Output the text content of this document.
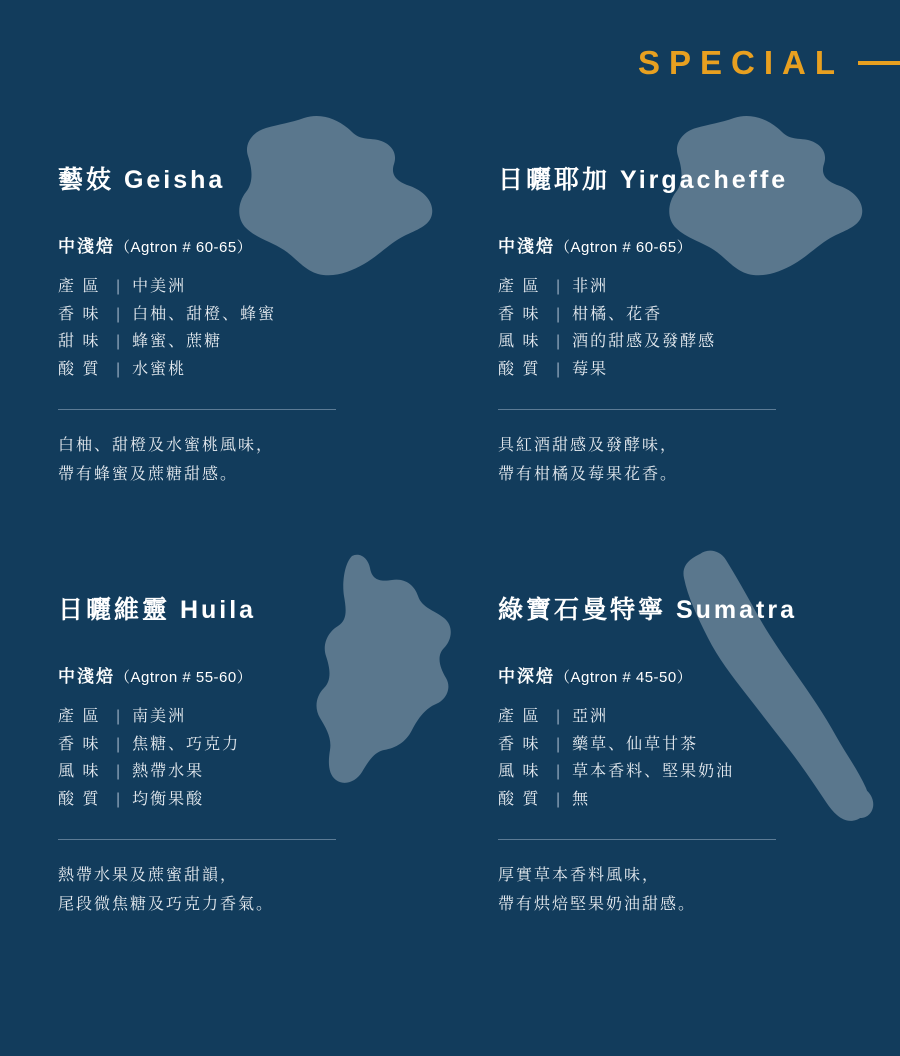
SPECIAL
藝妓 Geisha
中淺焙（Agtron # 60-65）
產 區 | 中美洲
香 味 | 白柚、甜橙、蜂蜜
甜 味 | 蜂蜜、蔗糖
酸 質 | 水蜜桃
白柚、甜橙及水蜜桃風味，
帶有蜂蜜及蔗糖甜感。
日曬耶加 Yirgacheffe
中淺焙（Agtron # 60-65）
產 區 | 非洲
香 味 | 柑橘、花香
風 味 | 酒的甜感及發酵感
酸 質 | 莓果
具紅酒甜感及發酵味，
帶有柑橘及莓果花香。
日曬維靈 Huila
中淺焙（Agtron # 55-60）
產 區 | 南美洲
香 味 | 焦糖、巧克力
風 味 | 熱帶水果
酸 質 | 均衡果酸
熱帶水果及蔗蜜甜韻，
尾段微焦糖及巧克力香氣。
綠寶石曼特寧 Sumatra
中深焙（Agtron # 45-50）
產 區 | 亞洲
香 味 | 藥草、仙草甘茶
風 味 | 草本香料、堅果奶油
酸 質 | 無
厚實草本香料風味，
帶有烘焙堅果奶油甜感。
